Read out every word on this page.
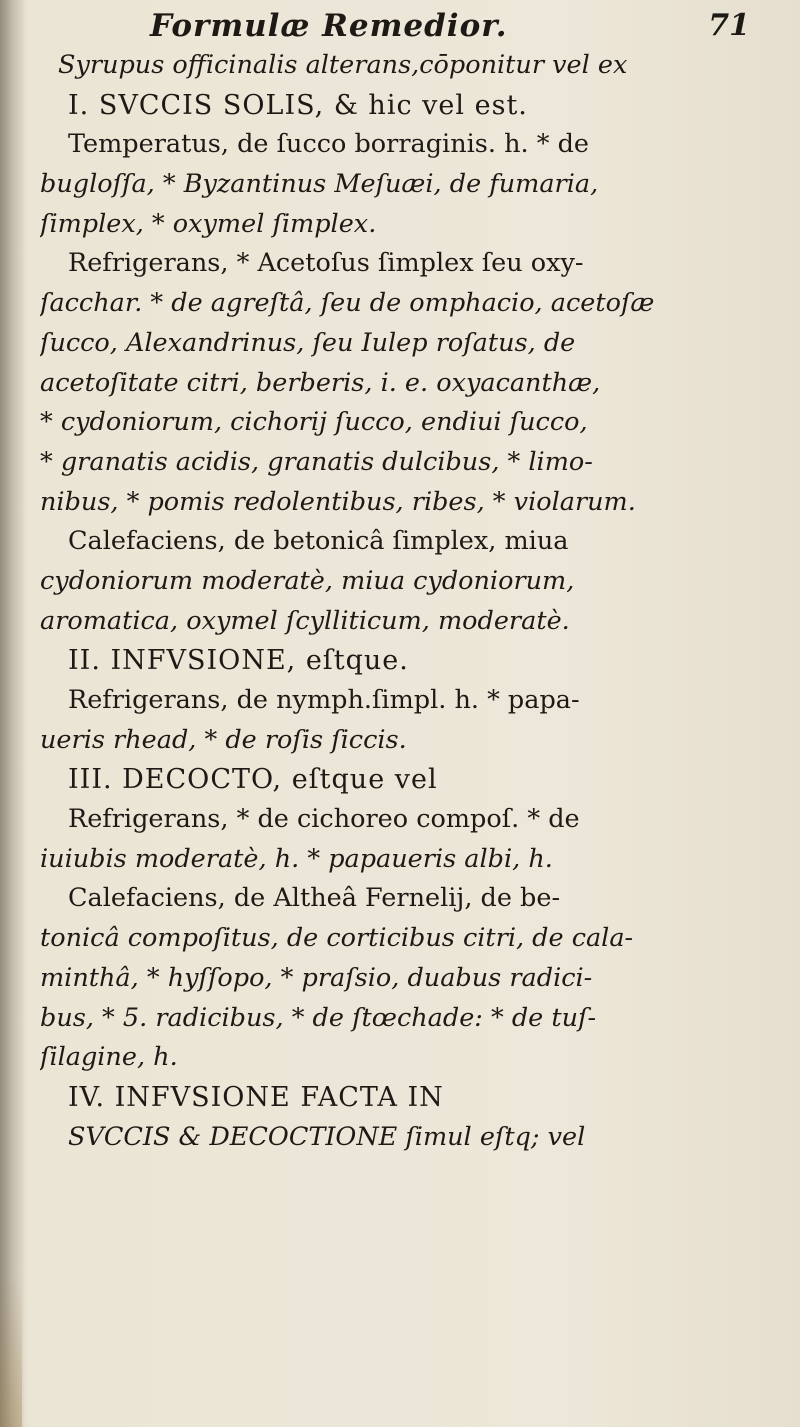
Formulæ Remedior.	71
Syrupus officinalis alterans,cōponitur vel ex
I. SVCCIS SOLIS, & hic vel est.
Temperatus, de ſucco borraginis. h. * de
bugloſſa, * Byzantinus Meſuæi, de fumaria,
ſimplex, * oxymel ſimplex.
Refrigerans, * Acetoſus ſimplex ſeu oxy-
ſacchar. * de agreſtâ, ſeu de omphacio, acetoſæ
ſucco, Alexandrinus, ſeu Iulep roſatus, de
acetoſitate citri, berberis, i. e. oxyacanthæ,
* cydoniorum, cichorij ſucco, endiui ſucco,
* granatis acidis, granatis dulcibus, * limo-
nibus, * pomis redolentibus, ribes, * violarum.
Calefaciens, de betonicâ ſimplex, miua
cydoniorum moderatè, miua cydoniorum,
aromatica, oxymel ſcylliticum, moderatè.
II. INFVSIONE, eſtque.
Refrigerans, de nymph.ſimpl. h. * papa-
ueris rhead, * de roſis ſiccis.
III. DECOCTO, eſtque vel
Refrigerans, * de cichoreo compoſ. * de
iuiubis moderatè, h. * papaueris albi, h.
Calefaciens, de Altheâ Fernelij, de be-
tonicâ compoſitus, de corticibus citri, de cala-
minthâ, * hyſſopo, * praſsio, duabus radici-
bus, * 5. radicibus, * de ſtœchade: * de tuſ-
ſilagine, h.
IV. INFVSIONE FACTA IN
SVCCIS & DECOCTIONE ſimul eſtq; vel
